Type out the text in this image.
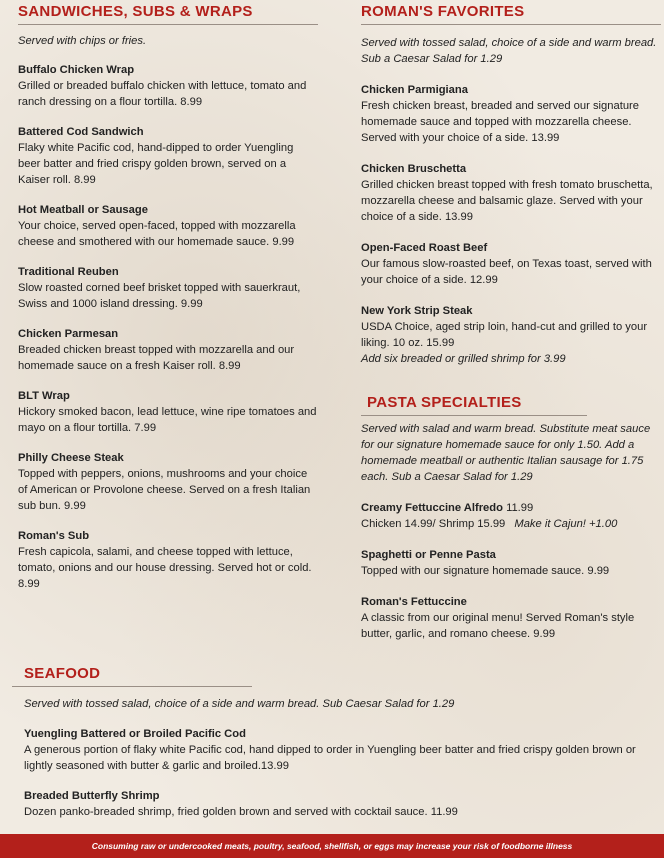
SANDWICHES, SUBS & WRAPS
Served with chips or fries.
Buffalo Chicken Wrap
Grilled or breaded buffalo chicken with lettuce, tomato and ranch dressing on a flour tortilla. 8.99
Battered Cod Sandwich
Flaky white Pacific cod, hand-dipped to order Yuengling beer batter and fried crispy golden brown, served on a Kaiser roll. 8.99
Hot Meatball or Sausage
Your choice, served open-faced, topped with mozzarella cheese and smothered with our homemade sauce. 9.99
Traditional Reuben
Slow roasted corned beef brisket topped with sauerkraut, Swiss and 1000 island dressing. 9.99
Chicken Parmesan
Breaded chicken breast topped with mozzarella and our homemade sauce on a fresh Kaiser roll. 8.99
BLT Wrap
Hickory smoked bacon, lead lettuce, wine ripe tomatoes and mayo on a flour tortilla. 7.99
Philly Cheese Steak
Topped with peppers, onions, mushrooms and your choice of American or Provolone cheese. Served on a fresh Italian sub bun. 9.99
Roman's Sub
Fresh capicola, salami, and cheese topped with lettuce, tomato, onions and our house dressing. Served hot or cold. 8.99
ROMAN'S FAVORITES
Served with tossed salad, choice of a side and warm bread. Sub a Caesar Salad for 1.29
Chicken Parmigiana
Fresh chicken breast, breaded and served our signature homemade sauce and topped with mozzarella cheese. Served with your choice of a side. 13.99
Chicken Bruschetta
Grilled chicken breast topped with fresh tomato bruschetta, mozzarella cheese and balsamic glaze. Served with your choice of a side. 13.99
Open-Faced Roast Beef
Our famous slow-roasted beef, on Texas toast, served with your choice of a side. 12.99
New York Strip Steak
USDA Choice, aged strip loin, hand-cut and grilled to your liking. 10 oz. 15.99
Add six breaded or grilled shrimp for 3.99
PASTA SPECIALTIES
Served with salad and warm bread. Substitute meat sauce for our signature homemade sauce for only 1.50. Add a homemade meatball or authentic Italian sausage for 1.75 each. Sub a Caesar Salad for 1.29
Creamy Fettuccine Alfredo 11.99
Chicken 14.99/ Shrimp 15.99 Make it Cajun! +1.00
Spaghetti or Penne Pasta
Topped with our signature homemade sauce. 9.99
Roman's Fettuccine
A classic from our original menu! Served Roman's style butter, garlic, and romano cheese. 9.99
SEAFOOD
Served with tossed salad, choice of a side and warm bread. Sub Caesar Salad for 1.29
Yuengling Battered or Broiled Pacific Cod
A generous portion of flaky white Pacific cod, hand dipped to order in Yuengling beer batter and fried crispy golden brown or lightly seasoned with butter & garlic and broiled.13.99
Breaded Butterfly Shrimp
Dozen panko-breaded shrimp, fried golden brown and served with cocktail sauce. 11.99
Consuming raw or undercooked meats, poultry, seafood, shellfish, or eggs may increase your risk of foodborne illness
